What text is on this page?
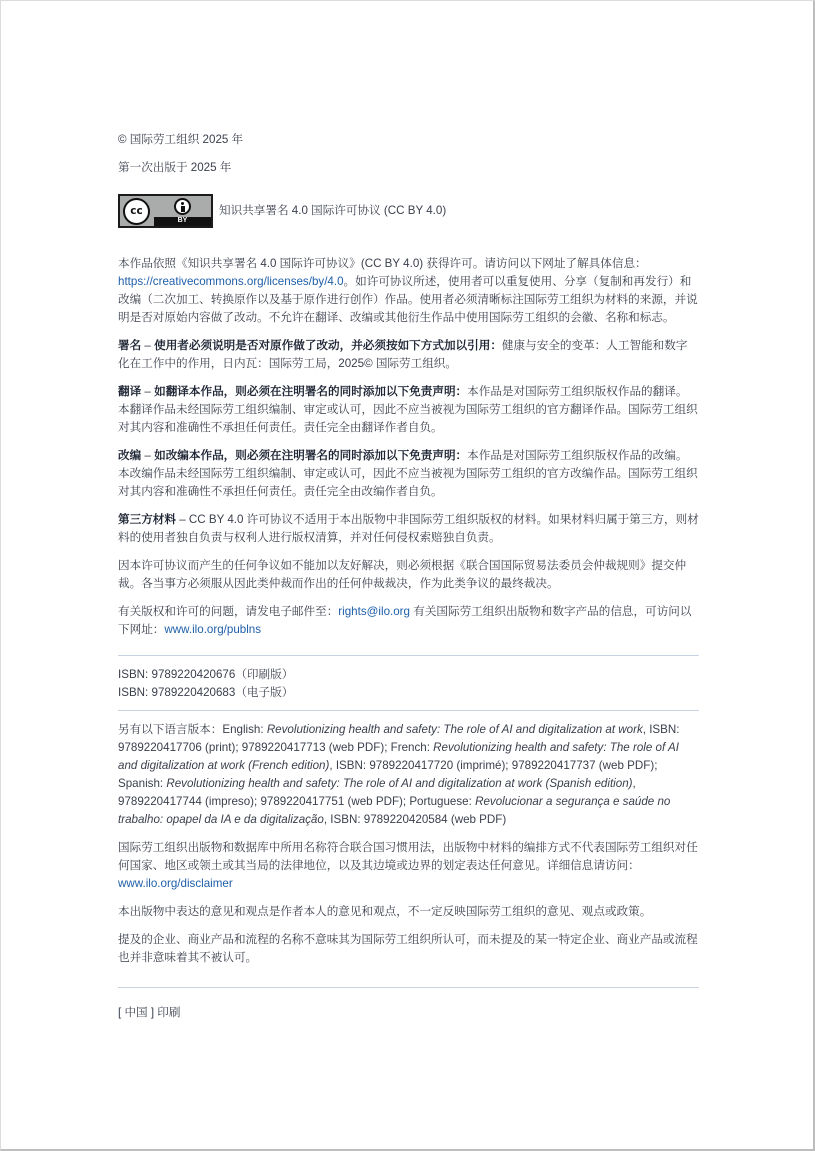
© 国际劳工组织 2025 年

第一次出版于 2025 年

cc
BY
知识共享署名 4.0 国际许可协议 (CC BY 4.0)

本作品依照《知识共享署名 4.0 国际许可协议》(CC BY 4.0) 获得许可。请访问以下网址了解具体信息：
https://creativecommons.org/licenses/by/4.0。如许可协议所述，使用者可以重复使用、分享（复制和再发行）和改编（二次加工、转换原作以及基于原作进行创作）作品。使用者必须清晰标注国际劳工组织为材料的来源，并说明是否对原始内容做了改动。不允许在翻译、改编或其他衍生作品中使用国际劳工组织的会徽、名称和标志。

署名 – 使用者必须说明是否对原作做了改动，并必须按如下方式加以引用：健康与安全的变革：人工智能和数字化在工作中的作用，日内瓦：国际劳工局，2025© 国际劳工组织。

翻译 – 如翻译本作品，则必须在注明署名的同时添加以下免责声明：本作品是对国际劳工组织版权作品的翻译。本翻译作品未经国际劳工组织编制、审定或认可，因此不应当被视为国际劳工组织的官方翻译作品。国际劳工组织对其内容和准确性不承担任何责任。责任完全由翻译作者自负。

改编 – 如改编本作品，则必须在注明署名的同时添加以下免责声明：本作品是对国际劳工组织版权作品的改编。本改编作品未经国际劳工组织编制、审定或认可，因此不应当被视为国际劳工组织的官方改编作品。国际劳工组织对其内容和准确性不承担任何责任。责任完全由改编作者自负。

第三方材料 – CC BY 4.0 许可协议不适用于本出版物中非国际劳工组织版权的材料。如果材料归属于第三方，则材料的使用者独自负责与权利人进行版权清算，并对任何侵权索赔独自负责。

因本许可协议而产生的任何争议如不能加以友好解决，则必须根据《联合国国际贸易法委员会仲裁规则》提交仲裁。各当事方必须服从因此类仲裁而作出的任何仲裁裁决，作为此类争议的最终裁决。

有关版权和许可的问题，请发电子邮件至：rights@ilo.org 有关国际劳工组织出版物和数字产品的信息，可访问以下网址：www.ilo.org/publns

ISBN: 9789220420676（印刷版）

ISBN: 9789220420683（电子版）

另有以下语言版本：English: Revolutionizing health and safety: The role of AI and digitalization at work, ISBN: 9789220417706 (print); 9789220417713 (web PDF); French: Revolutionizing health and safety: The role of AI and digitalization at work (French edition), ISBN: 9789220417720 (imprimé); 9789220417737 (web PDF); Spanish: Revolutionizing health and safety: The role of AI and digitalization at work (Spanish edition), 9789220417744 (impreso); 9789220417751 (web PDF); Portuguese: Revolucionar a segurança e saúde no trabalho: opapel da IA e da digitalização, ISBN: 9789220420584 (web PDF)

国际劳工组织出版物和数据库中所用名称符合联合国习惯用法，出版物中材料的编排方式不代表国际劳工组织对任何国家、地区或领土或其当局的法律地位，以及其边境或边界的划定表达任何意见。详细信息请访问：
www.ilo.org/disclaimer

本出版物中表达的意见和观点是作者本人的意见和观点，不一定反映国际劳工组织的意见、观点或政策。

提及的企业、商业产品和流程的名称不意味其为国际劳工组织所认可，而未提及的某一特定企业、商业产品或流程也并非意味着其不被认可。

[ 中国 ] 印刷
